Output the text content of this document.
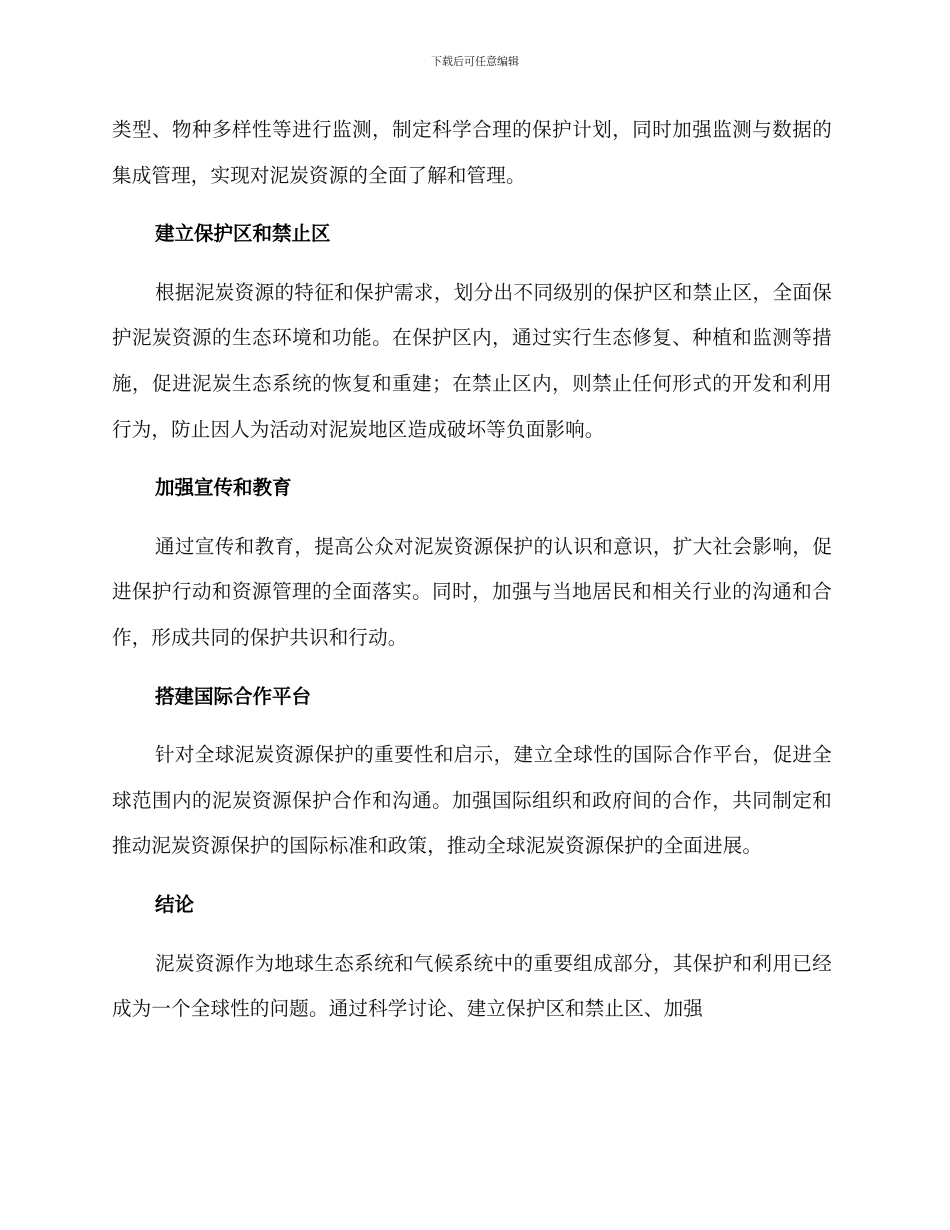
下载后可任意编辑

类型、物种多样性等进行监测，制定科学合理的保护计划，同时加强监测与数据的集成管理，实现对泥炭资源的全面了解和管理。

建立保护区和禁止区

根据泥炭资源的特征和保护需求，划分出不同级别的保护区和禁止区，全面保护泥炭资源的生态环境和功能。在保护区内，通过实行生态修复、种植和监测等措施，促进泥炭生态系统的恢复和重建；在禁止区内，则禁止任何形式的开发和利用行为，防止因人为活动对泥炭地区造成破坏等负面影响。

加强宣传和教育

通过宣传和教育，提高公众对泥炭资源保护的认识和意识，扩大社会影响，促进保护行动和资源管理的全面落实。同时，加强与当地居民和相关行业的沟通和合作，形成共同的保护共识和行动。

搭建国际合作平台

针对全球泥炭资源保护的重要性和启示，建立全球性的国际合作平台，促进全球范围内的泥炭资源保护合作和沟通。加强国际组织和政府间的合作，共同制定和推动泥炭资源保护的国际标准和政策，推动全球泥炭资源保护的全面进展。

结论

泥炭资源作为地球生态系统和气候系统中的重要组成部分，其保护和利用已经成为一个全球性的问题。通过科学讨论、建立保护区和禁止区、加强
